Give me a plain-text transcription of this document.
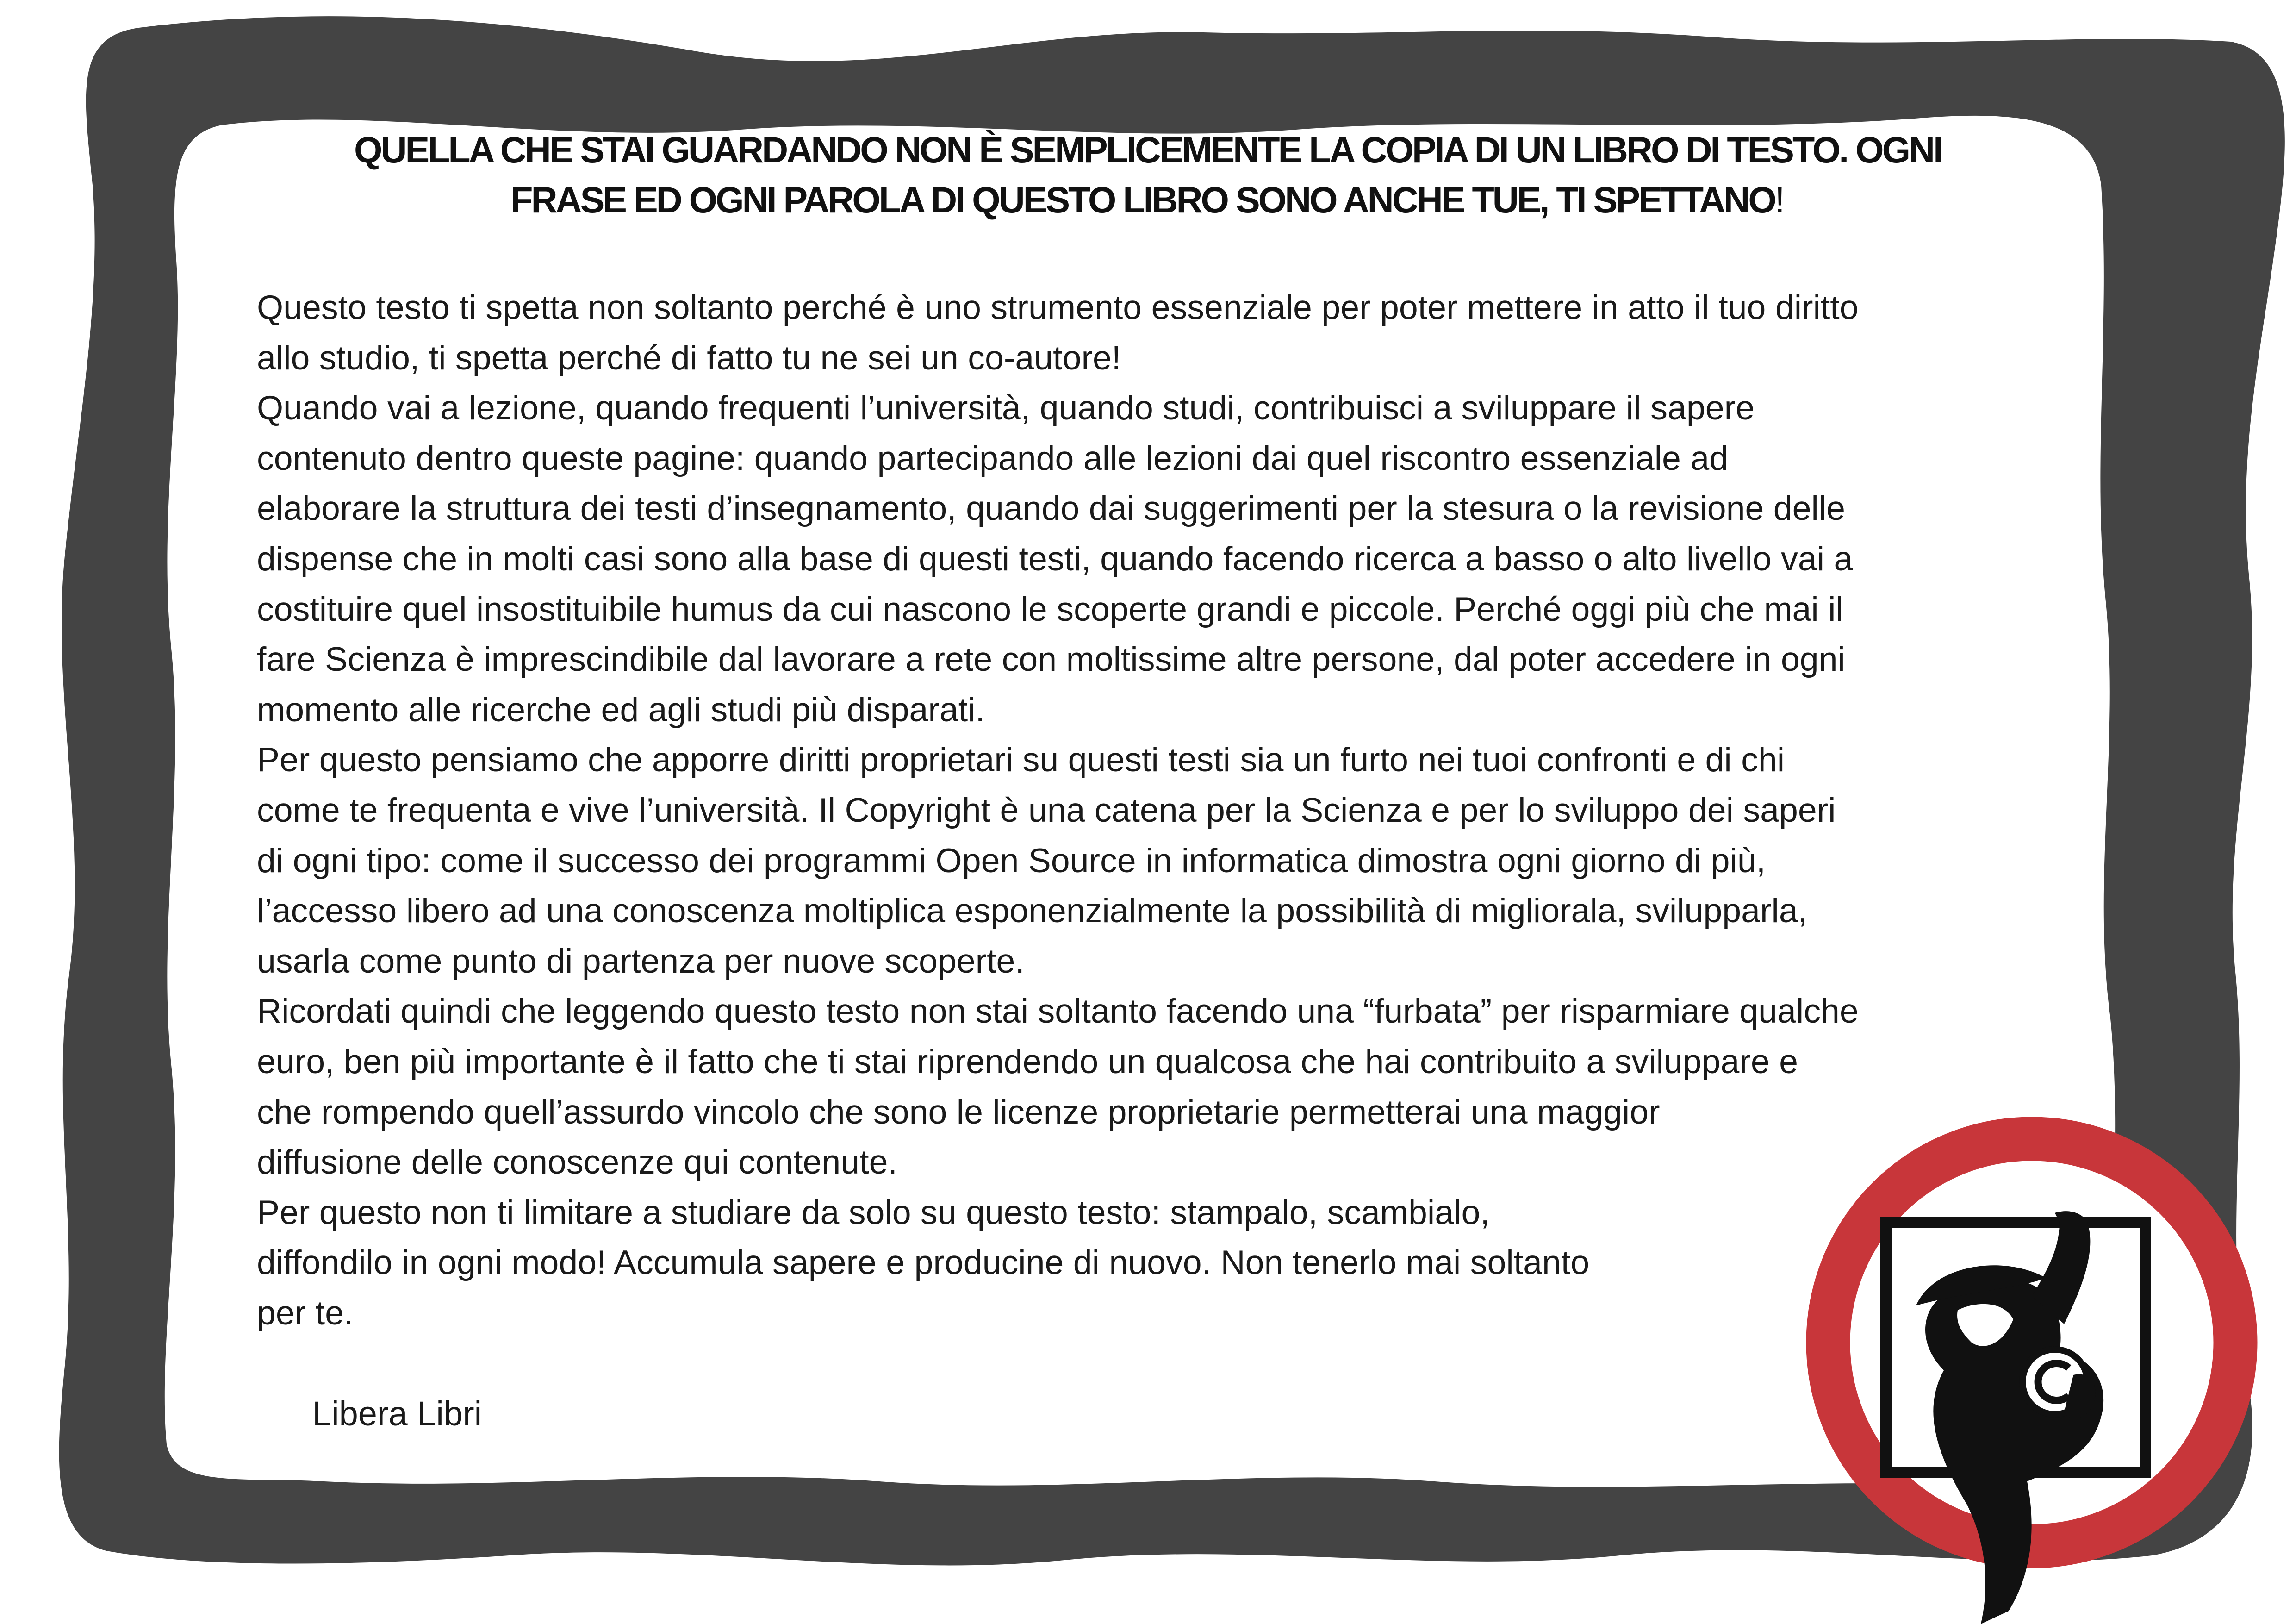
QUELLA CHE STAI GUARDANDO NON È SEMPLICEMENTE LA COPIA DI UN LIBRO DI TESTO. OGNI
FRASE ED OGNI PAROLA DI QUESTO LIBRO SONO ANCHE TUE, TI SPETTANO!
Questo testo ti spetta non soltanto perché è uno strumento essenziale per poter mettere in atto il tuo diritto
allo studio, ti spetta perché di fatto tu ne sei un co-autore!
Quando vai a lezione, quando frequenti l’università, quando studi, contribuisci a sviluppare il sapere
contenuto dentro queste pagine: quando partecipando alle lezioni dai quel riscontro essenziale ad
elaborare la struttura dei testi d’insegnamento, quando dai suggerimenti per la stesura o la revisione delle
dispense che in molti casi sono alla base di questi testi, quando facendo ricerca a basso o alto livello vai a
costituire quel insostituibile humus da cui nascono le scoperte grandi e piccole. Perché oggi più che mai il
fare Scienza è imprescindibile dal lavorare a rete con moltissime altre persone, dal poter accedere in ogni
momento alle ricerche ed agli studi più disparati.
Per questo pensiamo che apporre diritti proprietari su questi testi sia un furto nei tuoi confronti e di chi
come te frequenta e vive l’università. Il Copyright è una catena per la Scienza e per lo sviluppo dei saperi
di ogni tipo: come il successo dei programmi Open Source in informatica dimostra ogni giorno di più,
l’accesso libero ad una conoscenza moltiplica esponenzialmente la possibilità di migliorala, svilupparla,
usarla come punto di partenza per nuove scoperte.
Ricordati quindi che leggendo questo testo non stai soltanto facendo una “furbata” per risparmiare qualche
euro, ben più importante è il fatto che ti stai riprendendo un qualcosa che hai contribuito a sviluppare e
che rompendo quell’assurdo vincolo che sono le licenze proprietarie permetterai una maggior
diffusione delle conoscenze qui contenute.
Per questo non ti limitare a studiare da solo su questo testo: stampalo, scambialo,
diffondilo in ogni modo! Accumula sapere e producine di nuovo. Non tenerlo mai soltanto
per te.
Libera Libri
